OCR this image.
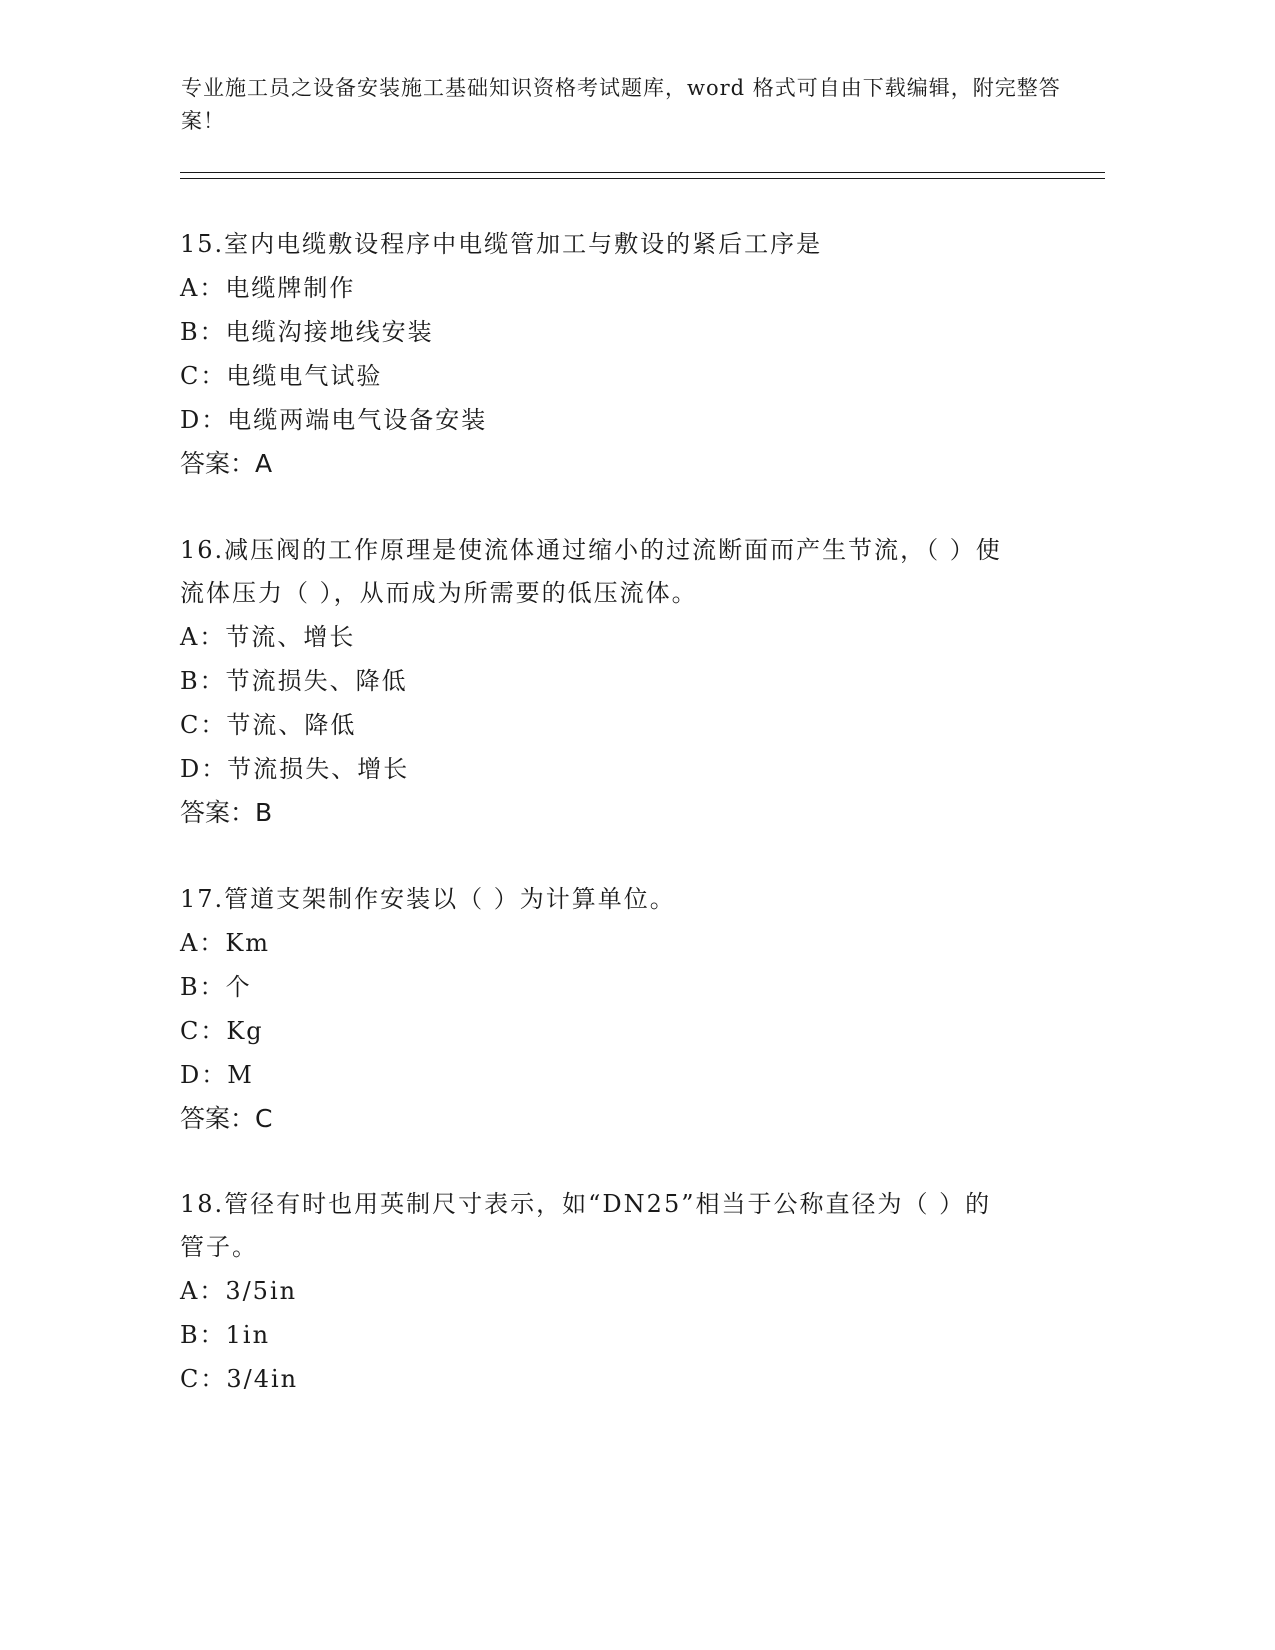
专业施工员之设备安装施工基础知识资格考试题库，word 格式可自由下载编辑，附完整答案！
15.室内电缆敷设程序中电缆管加工与敷设的紧后工序是
A：电缆牌制作
B：电缆沟接地线安装
C：电缆电气试验
D：电缆两端电气设备安装
答案：A
16.减压阀的工作原理是使流体通过缩小的过流断面而产生节流，（ ）使流体压力（ ），从而成为所需要的低压流体。
A：节流、增长
B：节流损失、降低
C：节流、降低
D：节流损失、增长
答案：B
17.管道支架制作安装以（ ）为计算单位。
A：Km
B：个
C：Kg
D：M
答案：C
18.管径有时也用英制尺寸表示，如“DN25”相当于公称直径为（ ）的管子。
A：3/5in
B：1in
C：3/4in
